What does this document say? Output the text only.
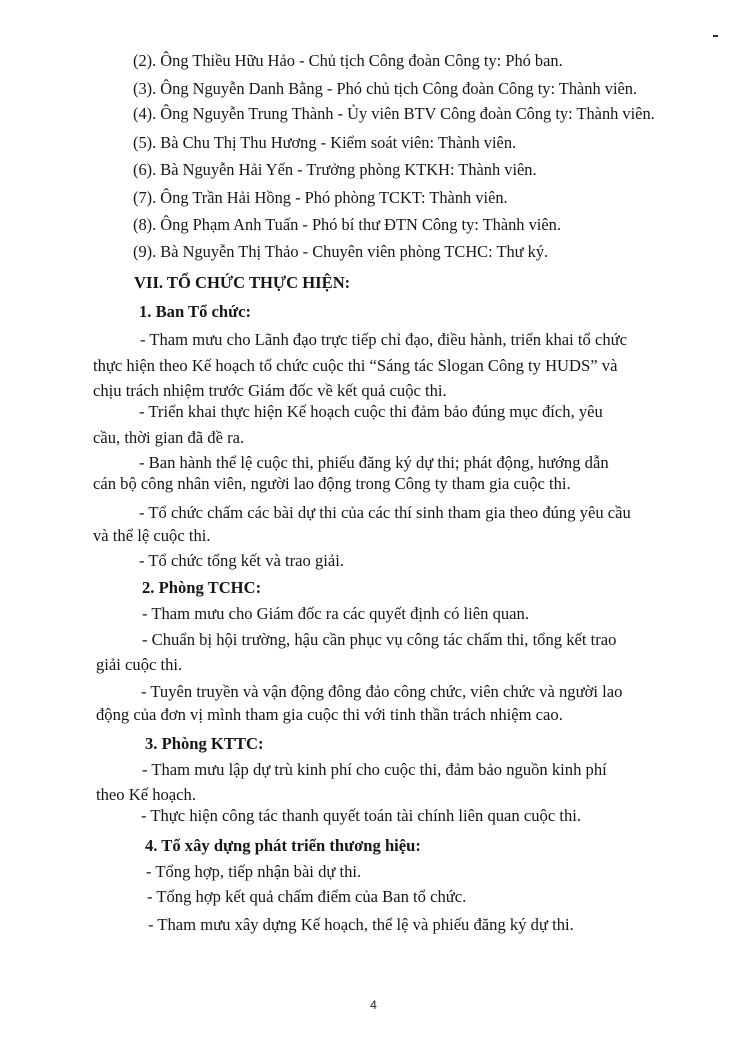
(2). Ông Thiều Hữu Hảo - Chủ tịch Công đoàn Công ty: Phó ban.
(3). Ông Nguyễn Danh Bằng - Phó chủ tịch Công đoàn Công ty: Thành viên.
(4). Ông Nguyễn Trung Thành - Ủy viên BTV Công đoàn Công ty: Thành viên.
(5). Bà Chu Thị Thu Hương - Kiểm soát viên: Thành viên.
(6). Bà Nguyễn Hải Yến - Trưởng phòng KTKH: Thành viên.
(7). Ông Trần Hải Hồng - Phó phòng TCKT: Thành viên.
(8). Ông Phạm Anh Tuấn - Phó bí thư ĐTN Công ty: Thành viên.
(9). Bà Nguyễn Thị Thảo - Chuyên viên phòng TCHC: Thư ký.
VII. TỔ CHỨC THỰC HIỆN:
1. Ban Tổ chức:
- Tham mưu cho Lãnh đạo trực tiếp chỉ đạo, điều hành, triển khai tổ chức
thực hiện theo Kế hoạch tổ chức cuộc thi “Sáng tác Slogan Công ty HUDS” và
chịu trách nhiệm trước Giám đốc về kết quả cuộc thi.
- Triển khai thực hiện Kế hoạch cuộc thi đảm bảo đúng mục đích, yêu
cầu, thời gian đã đề ra.
- Ban hành thể lệ cuộc thi, phiếu đăng ký dự thi; phát động, hướng dẫn
cán bộ công nhân viên, người lao động trong Công ty tham gia cuộc thi.
- Tổ chức chấm các bài dự thi của các thí sinh tham gia theo đúng yêu cầu
và thể lệ cuộc thi.
- Tổ chức tổng kết và trao giải.
2. Phòng TCHC:
- Tham mưu cho Giám đốc ra các quyết định có liên quan.
- Chuẩn bị hội trường, hậu cần phục vụ công tác chấm thi, tổng kết trao
giải cuộc thi.
- Tuyên truyền và vận động đông đảo công chức, viên chức và người lao
động của đơn vị mình tham gia cuộc thi với tinh thần trách nhiệm cao.
3. Phòng KTTC:
- Tham mưu lập dự trù kinh phí cho cuộc thi, đảm bảo nguồn kinh phí
theo Kế hoạch.
- Thực hiện công tác thanh quyết toán tài chính liên quan cuộc thi.
4. Tổ xây dựng phát triển thương hiệu:
- Tổng hợp, tiếp nhận bài dự thi.
- Tổng hợp kết quả chấm điểm của Ban tổ chức.
- Tham mưu xây dựng Kế hoạch, thể lệ và phiếu đăng ký dự thi.
4
